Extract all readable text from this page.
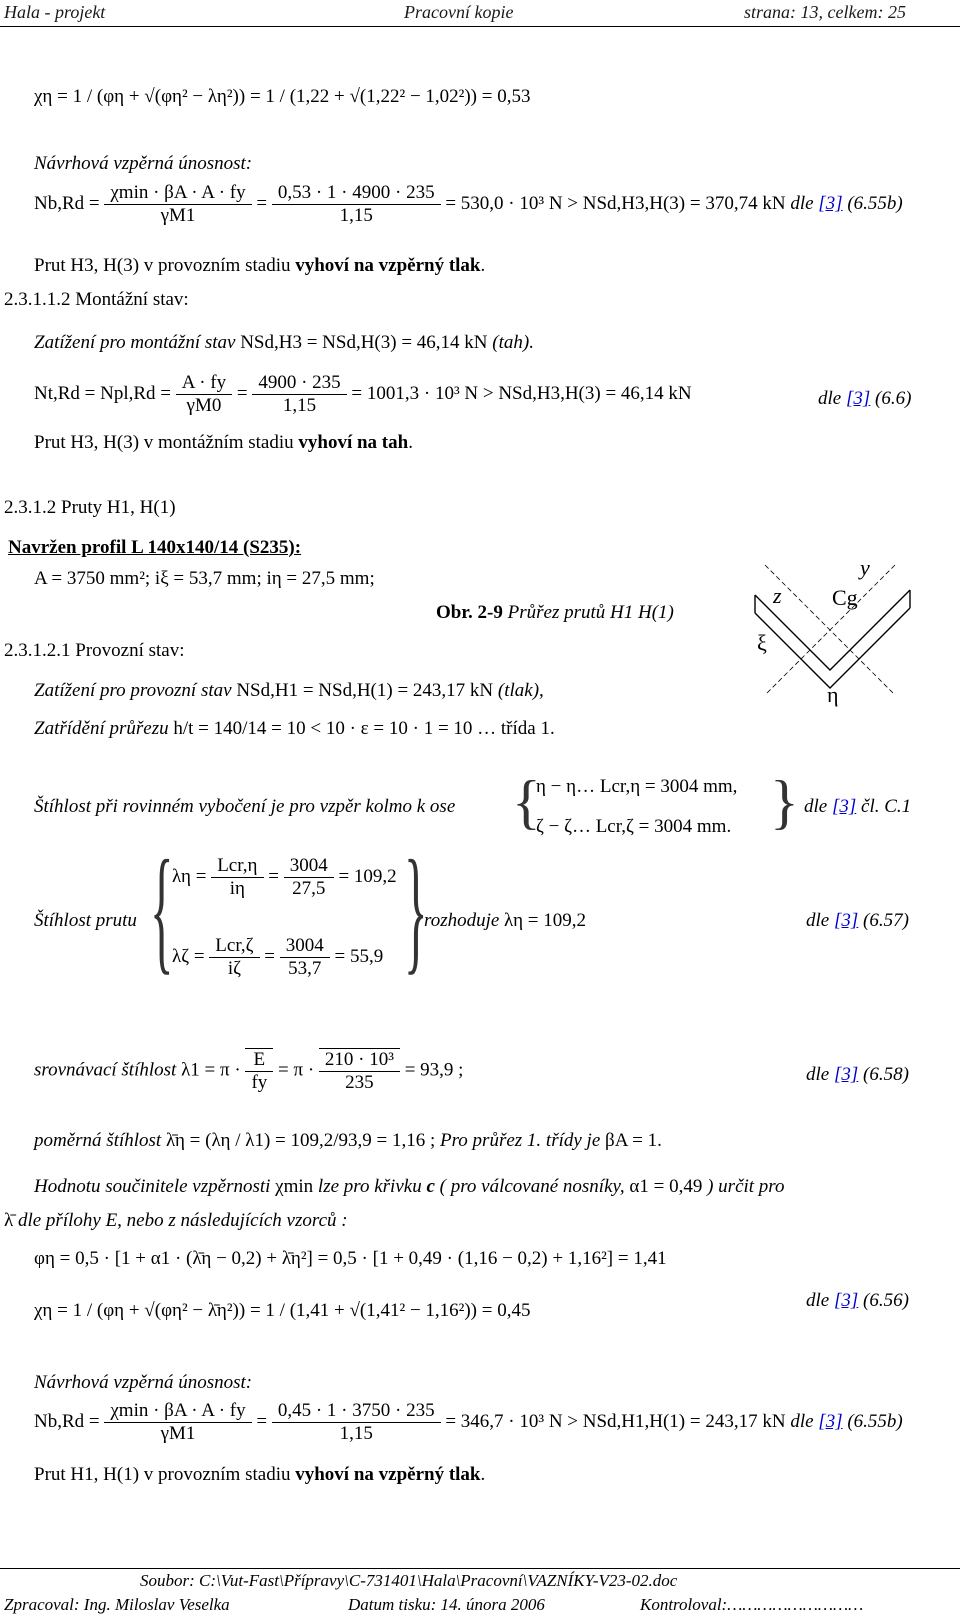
Hala - projekt	Pracovní kopie	strana: 13, celkem: 25
χη = 1 / (φη + √(φη² − λη²)) = 1 / (1,22 + √(1,22² − 1,02²)) = 0,53
Návrhová vzpěrná únosnost:
$Nb,Rd = \frac{\chi\min \cdot \beta A \cdot A \cdot fy}{\gamma M1} = \frac{0,53 \cdot 1 \cdot 4900 \cdot 235}{1,15} = 530,0 \cdot 10^3$ N > NSd,H3,H(3) = 370,74 kN dle [3] (6.55b)
Prut H3, H(3) v provozním stadiu vyhoví na vzpěrný tlak.
2.3.1.1.2 Montážní stav:
Zatížení pro montážní stav NSd,H3 = NSd,H(3) = 46,14 kN (tah).
$Nt,Rd = Npl,Rd = \frac{A \cdot fy}{\gamma M0} = \frac{4900 \cdot 235}{1,15} = 1001,3 \cdot 10^3$ N > NSd,H3,H(3) = 46,14 kN	dle [3] (6.6)
Prut H3, H(3) v montážním stadiu vyhoví na tah.
2.3.1.2 Pruty H1, H(1)
Navržen profil L 140x140/14 (S235):
A = 3750 mm²; iξ = 53,7 mm; iη = 27,5 mm;
Obr. 2-9 Průřez prutů H1 H(1)
z
y
Cg
ξ
η
2.3.1.2.1 Provozní stav:
Zatížení pro provozní stav NSd,H1 = NSd,H(1) = 243,17 kN (tlak),
Zatřídění průřezu h/t = 140/14 = 10 < 10 · ε = 10 · 1 = 10 … třída 1.
Štíhlost při rovinném vybočení je pro vzpěr kolmo k ose {
η − η… Lcr,η = 3004 mm,
ζ − ζ… Lcr,ζ = 3004 mm. } dle [3] čl. C.1
Štíhlost prutu {
$\lambda\eta = \frac{\text{Lcr,η}}{i\eta} = \frac{3004}{27,5} = 109,2$
$\lambda\zeta = \frac{\text{Lcr,ζ}}{i\zeta} = \frac{3004}{53,7} = 55,9$ }
rozhoduje λη = 109,2	dle [3] (6.57)
srovnávací štíhlost $\lambda 1 = \pi \cdot \frac{E}{fy} = \pi \cdot \frac{\text{210 · 10³}}{235} = 93,9$ ;	dle [3] (6.58)
poměrná štíhlost λ̄η = (λη / λ1) = 109,2/93,9 = 1,16 ; Pro průřez 1. třídy je βA = 1.
Hodnotu součinitele vzpěrnosti χmin lze pro křivku c ( pro válcované nosníky, α1 = 0,49 ) určit pro
λ̄ dle přílohy E, nebo z následujících vzorců :
φη = 0,5 · [1 + α1 · (λ̄η − 0,2) + λ̄η²] = 0,5 · [1 + 0,49 · (1,16 − 0,2) + 1,16²] = 1,41
χη = 1 / (φη + √(φη² − λ̄η²)) = 1 / (1,41 + √(1,41² − 1,16²)) = 0,45	dle [3] (6.56)
Návrhová vzpěrná únosnost:
$Nb,Rd = \frac{\chi\min \cdot \beta A \cdot A \cdot fy}{\gamma M1} = \frac{0,45 \cdot 1 \cdot 3750 \cdot 235}{1,15} = 346,7 \cdot 10^3$ N > NSd,H1,H(1) = 243,17 kN dle [3] (6.55b)
Prut H1, H(1) v provozním stadiu vyhoví na vzpěrný tlak.
Soubor: C:\Vut-Fast\Přípravy\C-731401\Hala\Pracovní\VAZNÍKY-V23-02.doc
Zpracoval: Ing. Miloslav Veselka	Datum tisku: 14. února 2006	Kontroloval:………………………
